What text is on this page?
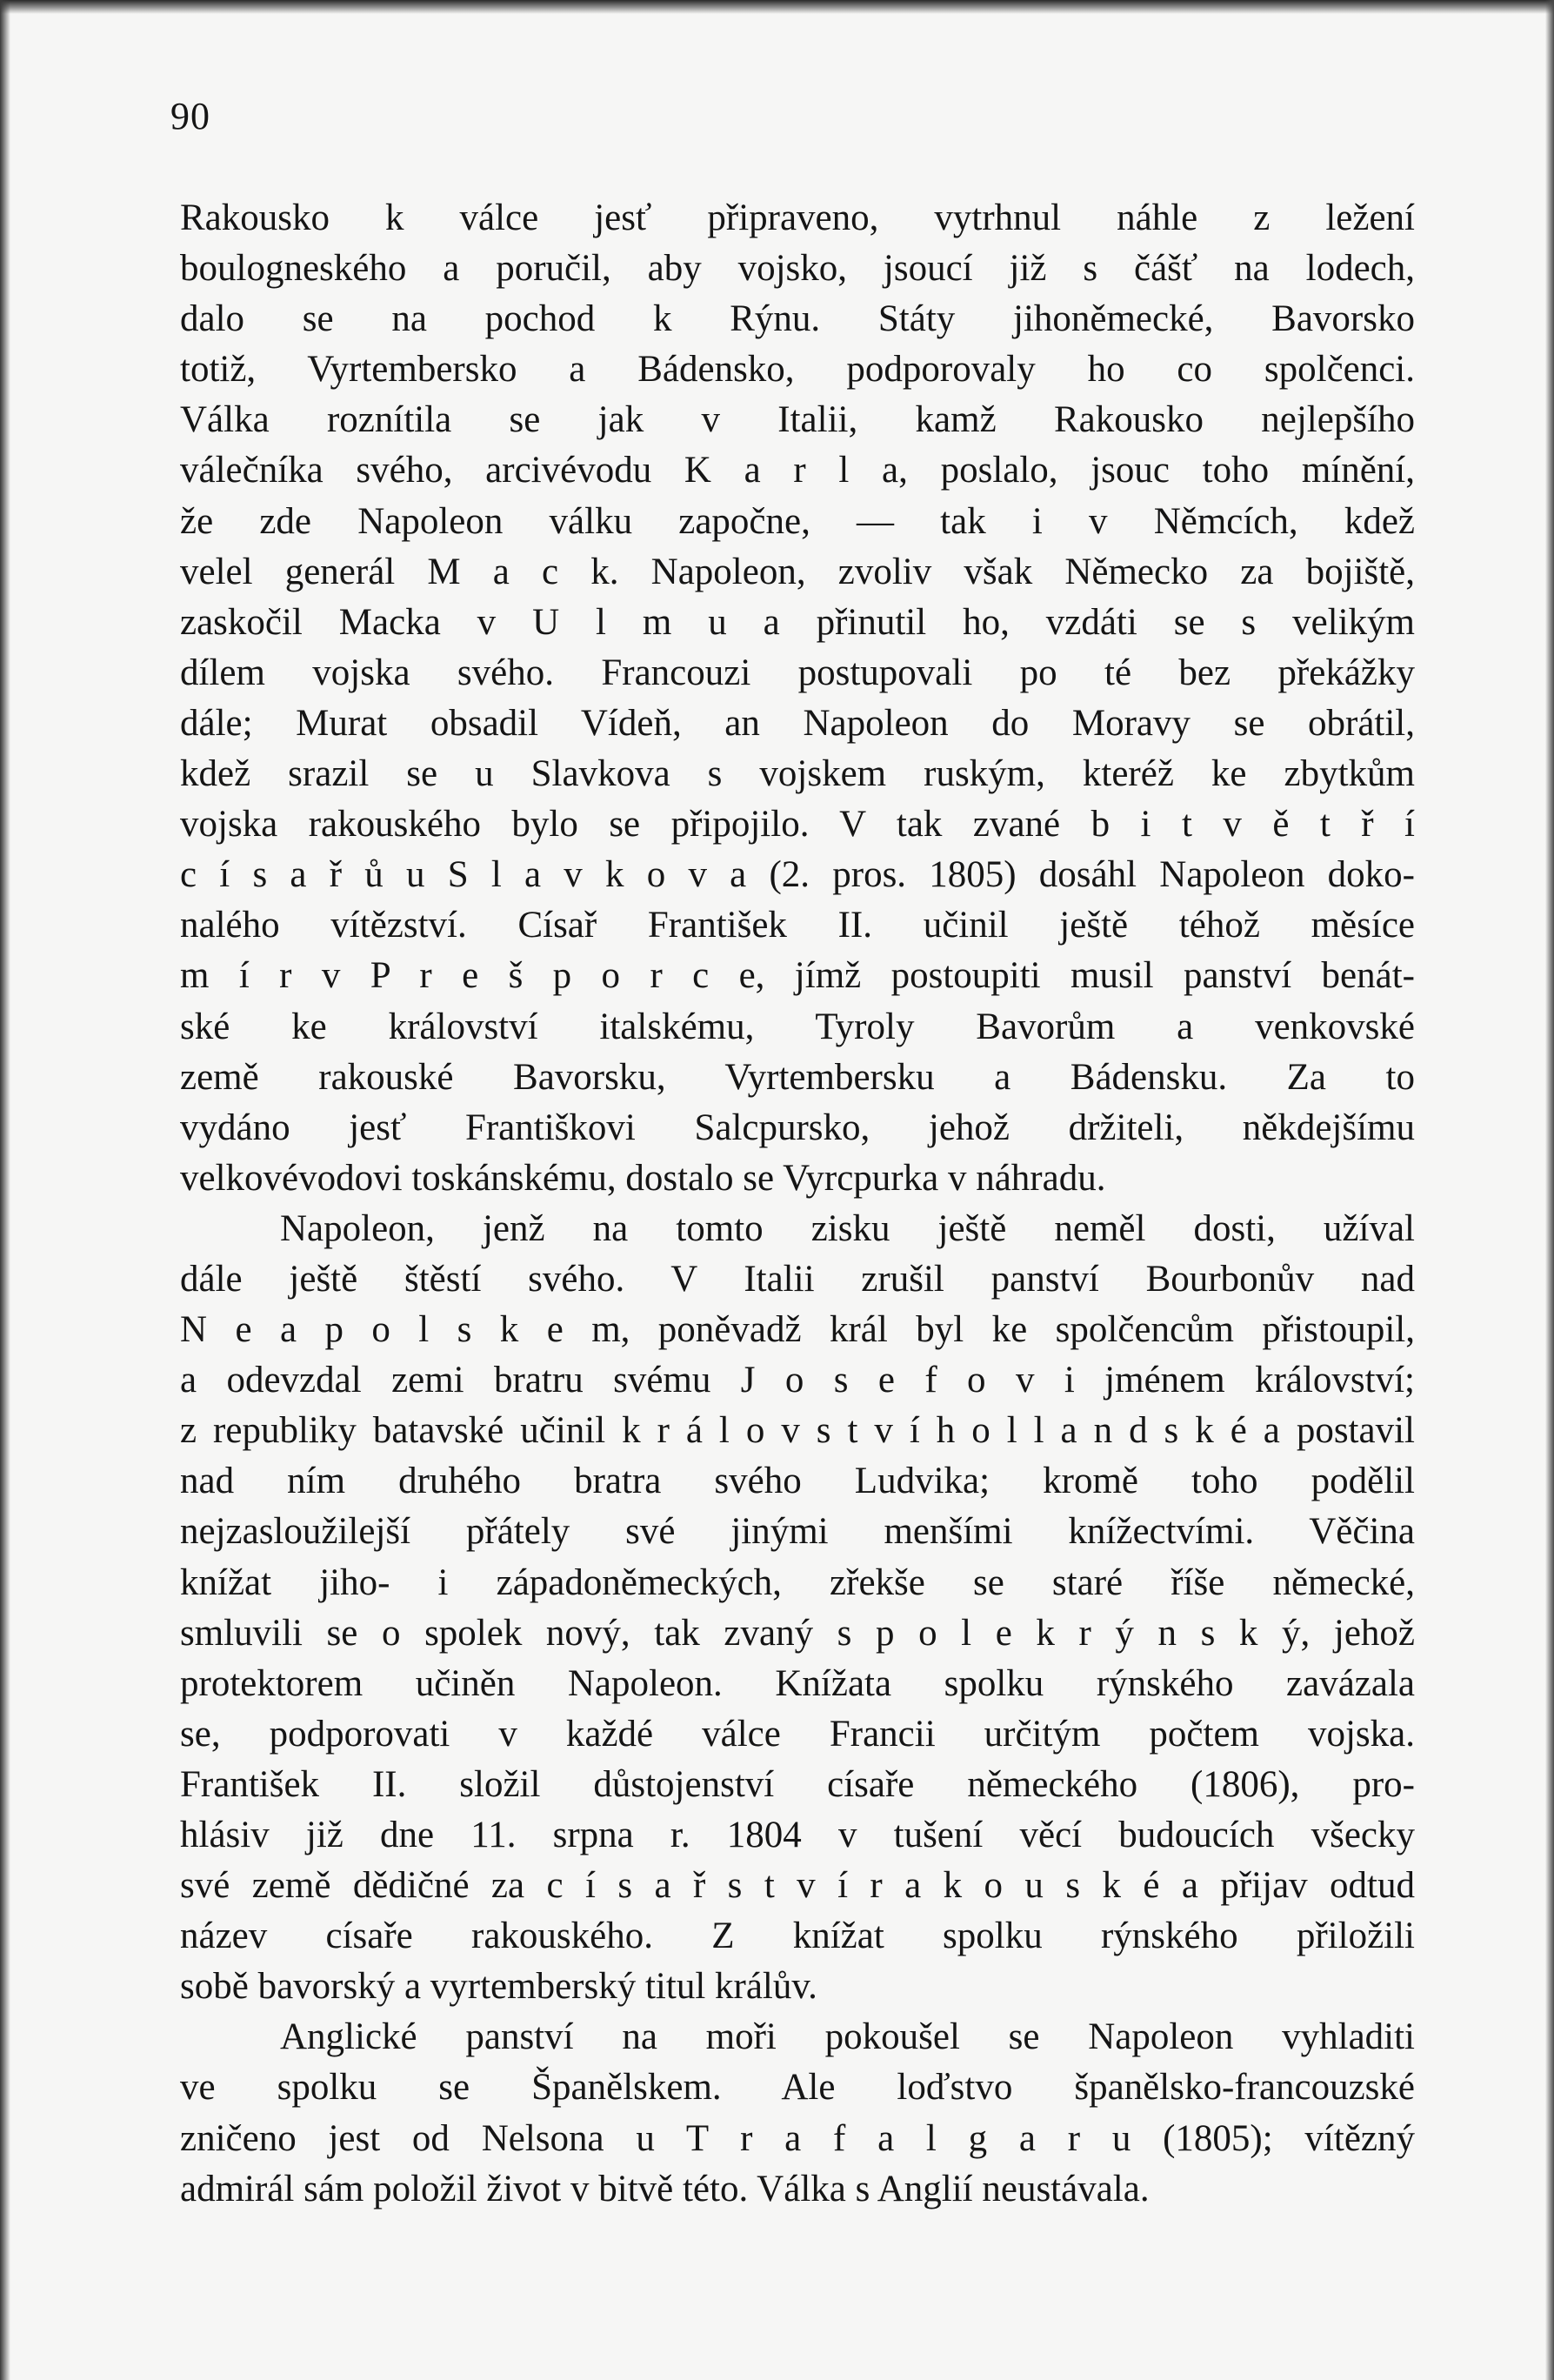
90
Rakousko k válce jesť připraveno, vytrhnul náhle z ležení
boulogneského a poručil, aby vojsko, jsoucí již s čášť na lodech,
dalo se na pochod k Rýnu. Státy jihoněmecké, Bavorsko
totiž, Vyrtembersko a Bádensko, podporovaly ho co spolčenci.
Válka roznítila se jak v Italii, kamž Rakousko nejlepšího
válečníka svého, arcivévodu K a r l a, poslalo, jsouc toho mínění,
že zde Napoleon válku započne, — tak i v Němcích, kdež
velel generál M a c k. Napoleon, zvoliv však Německo za bojiště,
zaskočil Macka v U l m u a přinutil ho, vzdáti se s velikým
dílem vojska svého. Francouzi postupovali po té bez překážky
dále; Murat obsadil Vídeň, an Napoleon do Moravy se obrátil,
kdež srazil se u Slavkova s vojskem ruským, kteréž ke zbytkům
vojska rakouského bylo se připojilo. V tak zvané b i t v ě t ř í
c í s a ř ů u S l a v k o v a (2. pros. 1805) dosáhl Napoleon doko-
nalého vítězství. Císař František II. učinil ještě téhož měsíce
m í r v P r e š p o r c e, jímž postoupiti musil panství benát-
ské ke království italskému, Tyroly Bavorům a venkovské
země rakouské Bavorsku, Vyrtembersku a Bádensku. Za to
vydáno jesť Františkovi Salcpursko, jehož držiteli, někdejšímu
velkovévodovi toskánskému, dostalo se Vyrcpurka v náhradu.
Napoleon, jenž na tomto zisku ještě neměl dosti, užíval
dále ještě štěstí svého. V Italii zrušil panství Bourbonův nad
N e a p o l s k e m, poněvadž král byl ke spolčencům přistoupil,
a odevzdal zemi bratru svému J o s e f o v i jménem království;
z republiky batavské učinil k r á l o v s t v í h o l l a n d s k é a postavil
nad ním druhého bratra svého Ludvika; kromě toho podělil
nejzasloužilejší přátely své jinými menšími knížectvími. Věčina
knížat jiho- i západoněmeckých, zřekše se staré říše německé,
smluvili se o spolek nový, tak zvaný s p o l e k r ý n s k ý, jehož
protektorem učiněn Napoleon. Knížata spolku rýnského zavázala
se, podporovati v každé válce Francii určitým počtem vojska.
František II. složil důstojenství císaře německého (1806), pro-
hlásiv již dne 11. srpna r. 1804 v tušení věcí budoucích všecky
své země dědičné za c í s a ř s t v í r a k o u s k é a přijav odtud
název císaře rakouského. Z knížat spolku rýnského přiložili
sobě bavorský a vyrtemberský titul králův.
Anglické panství na moři pokoušel se Napoleon vyhladiti
ve spolku se Španělskem. Ale loďstvo španělsko-francouzské
zničeno jest od Nelsona u T r a f a l g a r u (1805); vítězný
admirál sám položil život v bitvě této. Válka s Anglií neustávala.
